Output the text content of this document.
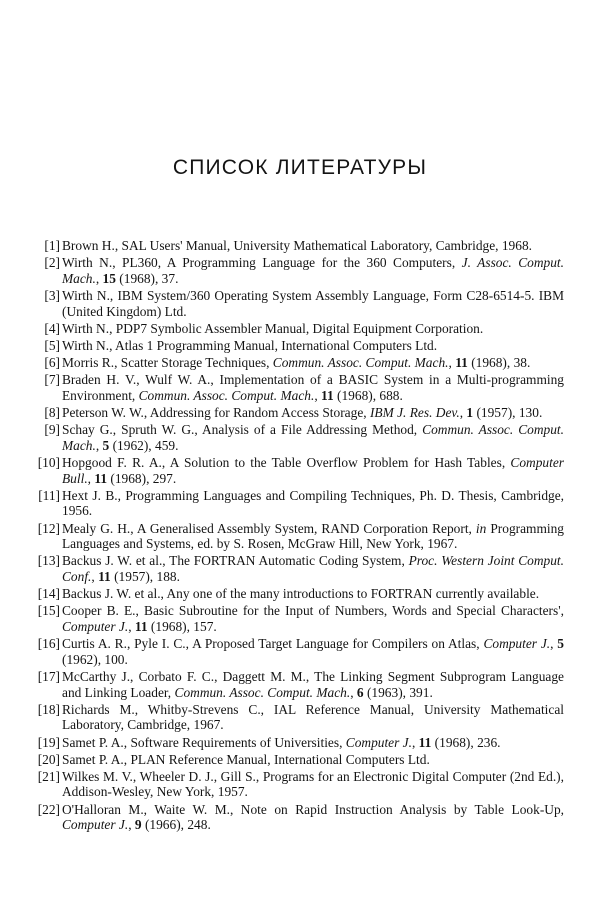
СПИСОК ЛИТЕРАТУРЫ
[1] Brown H., SAL Users' Manual, University Mathematical Laboratory, Cambridge, 1968.
[2] Wirth N., PL360, A Programming Language for the 360 Computers, J. Assoc. Comput. Mach., 15 (1968), 37.
[3] Wirth N., IBM System/360 Operating System Assembly Language, Form C28-6514-5. IBM (United Kingdom) Ltd.
[4] Wirth N., PDP7 Symbolic Assembler Manual, Digital Equipment Corporation.
[5] Wirth N., Atlas 1 Programming Manual, International Computers Ltd.
[6] Morris R., Scatter Storage Techniques, Commun. Assoc. Comput. Mach., 11 (1968), 38.
[7] Braden H. V., Wulf W. A., Implementation of a BASIC System in a Multi-programming Environment, Commun. Assoc. Comput. Mach., 11 (1968), 688.
[8] Peterson W. W., Addressing for Random Access Storage, IBM J. Res. Dev., 1 (1957), 130.
[9] Schay G., Spruth W. G., Analysis of a File Addressing Method, Commun. Assoc. Comput. Mach., 5 (1962), 459.
[10] Hopgood F. R. A., A Solution to the Table Overflow Problem for Hash Tables, Computer Bull., 11 (1968), 297.
[11] Hext J. B., Programming Languages and Compiling Techniques, Ph. D. Thesis, Cambridge, 1956.
[12] Mealy G. H., A Generalised Assembly System, RAND Corporation Report, in Programming Languages and Systems, ed. by S. Rosen, McGraw Hill, New York, 1967.
[13] Backus J. W. et al., The FORTRAN Automatic Coding System, Proc. Western Joint Comput. Conf., 11 (1957), 188.
[14] Backus J. W. et al., Any one of the many introductions to FORTRAN currently available.
[15] Cooper B. E., Basic Subroutine for the Input of Numbers, Words and Special Characters', Computer J., 11 (1968), 157.
[16] Curtis A. R., Pyle I. C., A Proposed Target Language for Compilers on Atlas, Computer J., 5 (1962), 100.
[17] McCarthy J., Corbato F. C., Daggett M. M., The Linking Segment Subprogram Language and Linking Loader, Commun. Assoc. Comput. Mach., 6 (1963), 391.
[18] Richards M., Whitby-Strevens C., IAL Reference Manual, University Mathematical Laboratory, Cambridge, 1967.
[19] Samet P. A., Software Requirements of Universities, Computer J., 11 (1968), 236.
[20] Samet P. A., PLAN Reference Manual, International Computers Ltd.
[21] Wilkes M. V., Wheeler D. J., Gill S., Programs for an Electronic Digital Computer (2nd Ed.), Addison-Wesley, New York, 1957.
[22] O'Halloran M., Waite W. M., Note on Rapid Instruction Analysis by Table Look-Up, Computer J., 9 (1966), 248.
